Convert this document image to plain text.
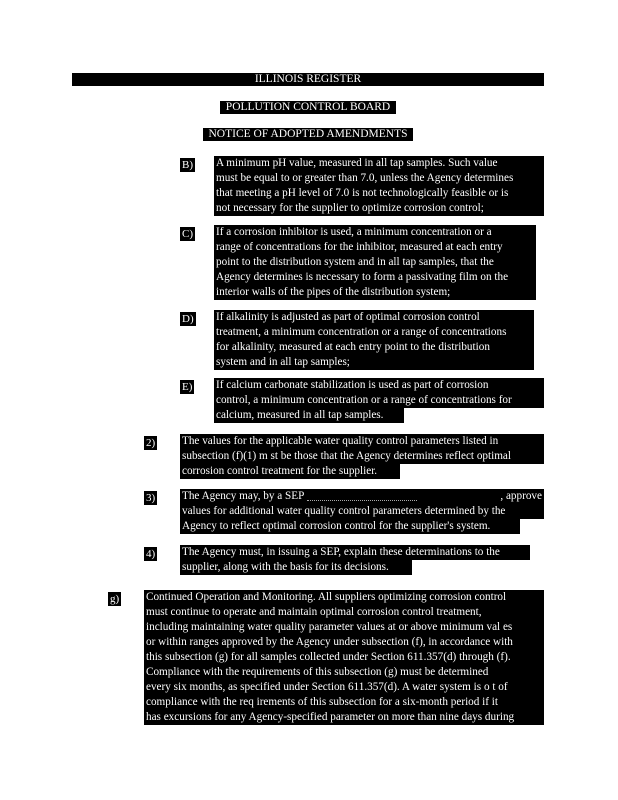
ILLINOIS REGISTER
POLLUTION CONTROL BOARD
NOTICE OF ADOPTED AMENDMENTS
B) A minimum pH value, measured in all tap samples. Such value
must be equal to or greater than 7.0, unless the Agency determines
that meeting a pH level of 7.0 is not technologically feasible or is
not necessary for the supplier to optimize corrosion control;
C) If a corrosion inhibitor is used, a minimum concentration or a
range of concentrations for the inhibitor, measured at each entry
point to the distribution system and in all tap samples, that the
Agency determines is necessary to form a passivating film on the
interior walls of the pipes of the distribution system;
D) If alkalinity is adjusted as part of optimal corrosion control
treatment, a minimum concentration or a range of concentrations
for alkalinity, measured at each entry point to the distribution
system and in all tap samples;
E) If calcium carbonate stabilization is used as part of corrosion
control, a minimum concentration or a range of concentrations for
calcium, measured in all tap samples.
2) The values for the applicable water quality control parameters listed in
subsection (f)(1) m st be those that the Agency determines reflect optimal
corrosion control treatment for the supplier.
3) The Agency may, by a SEP	, approve
values for additional water quality control parameters determined by the
Agency to reflect optimal corrosion control for the supplier's system.
4) The Agency must, in issuing a SEP, explain these determinations to the
supplier, along with the basis for its decisions.
g) Continued Operation and Monitoring. All suppliers optimizing corrosion control
must continue to operate and maintain optimal corrosion control treatment,
including maintaining water quality parameter values at or above minimum val es
or within ranges approved by the Agency under subsection (f), in accordance with
this subsection (g) for all samples collected under Section 611.357(d) through (f).
Compliance with the requirements of this subsection (g) must be determined
every six months, as specified under Section 611.357(d). A water system is o t of
compliance with the req irements of this subsection for a six-month period if it
has excursions for any Agency-specified parameter on more than nine days during
